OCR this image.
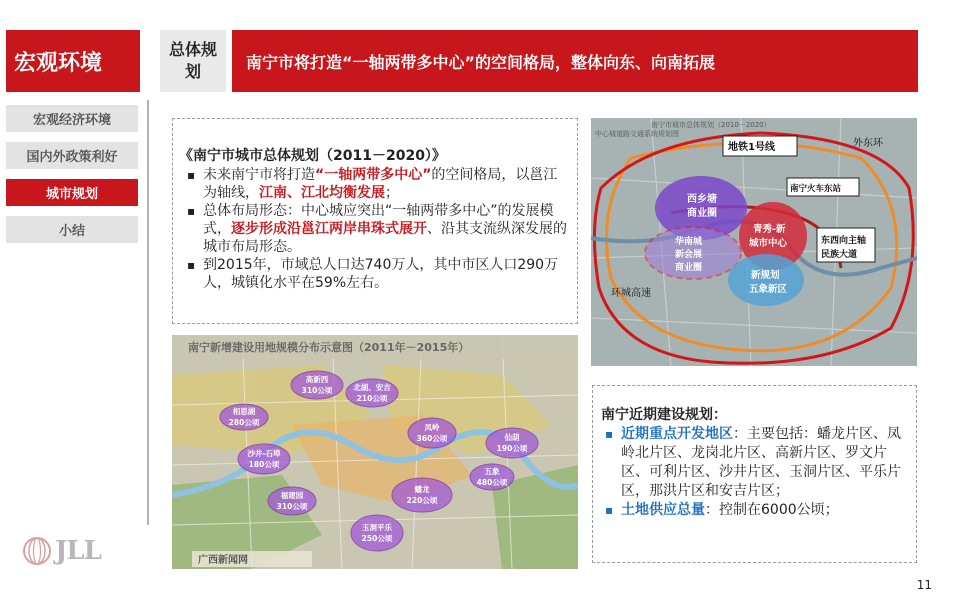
宏观环境
总体规划	南宁市将打造“一轴两带多中心”的空间格局，整体向东、向南拓展
宏观经济环境
国内外政策利好
城市规划
小结
《南宁市城市总体规划（2011－2020）》
▪ 未来南宁市将打造“一轴两带多中心”的空间格局，以邕江为轴线，江南、江北均衡发展；
▪ 总体布局形态：中心城应突出“一轴两带多中心”的发展模式，逐步形成沿邕江两岸串珠式展开、沿其支流纵深发展的城市布局形态。
▪ 到2015年，市域总人口达740万人，其中市区人口290万人，城镇化水平在59%左右。
南宁市城市总体规划（2010－2020）
中心城道路交通系统规划图
地铁1号线	外东环
南宁火车东站
西乡塘
商业圈
华南城
新会展
商业圈
青秀-新
城市中心	东西向主轴
民族大道
新规划
五象新区
环城高速
南宁新增建设用地规模分布示意图（2011年－2015年）
高新西
310公顷	北湖、安吉
210公顷
相思湖
280公顷
沙井-石埠
180公顷
凤岭
360公顷	仙葫
190公顷
五象
480公顷
蟠龙
220公顷
福建园
310公顷
玉洞平乐
250公顷
广西新闻网
南宁近期建设规划：
▪ 近期重点开发地区：主要包括：蟠龙片区、凤岭北片区、龙岗北片区、高新片区、罗文片区、可利片区、沙井片区、玉洞片区、平乐片区，那洪片区和安吉片区；
▪ 土地供应总量：控制在6000公顷；
JLL
11
